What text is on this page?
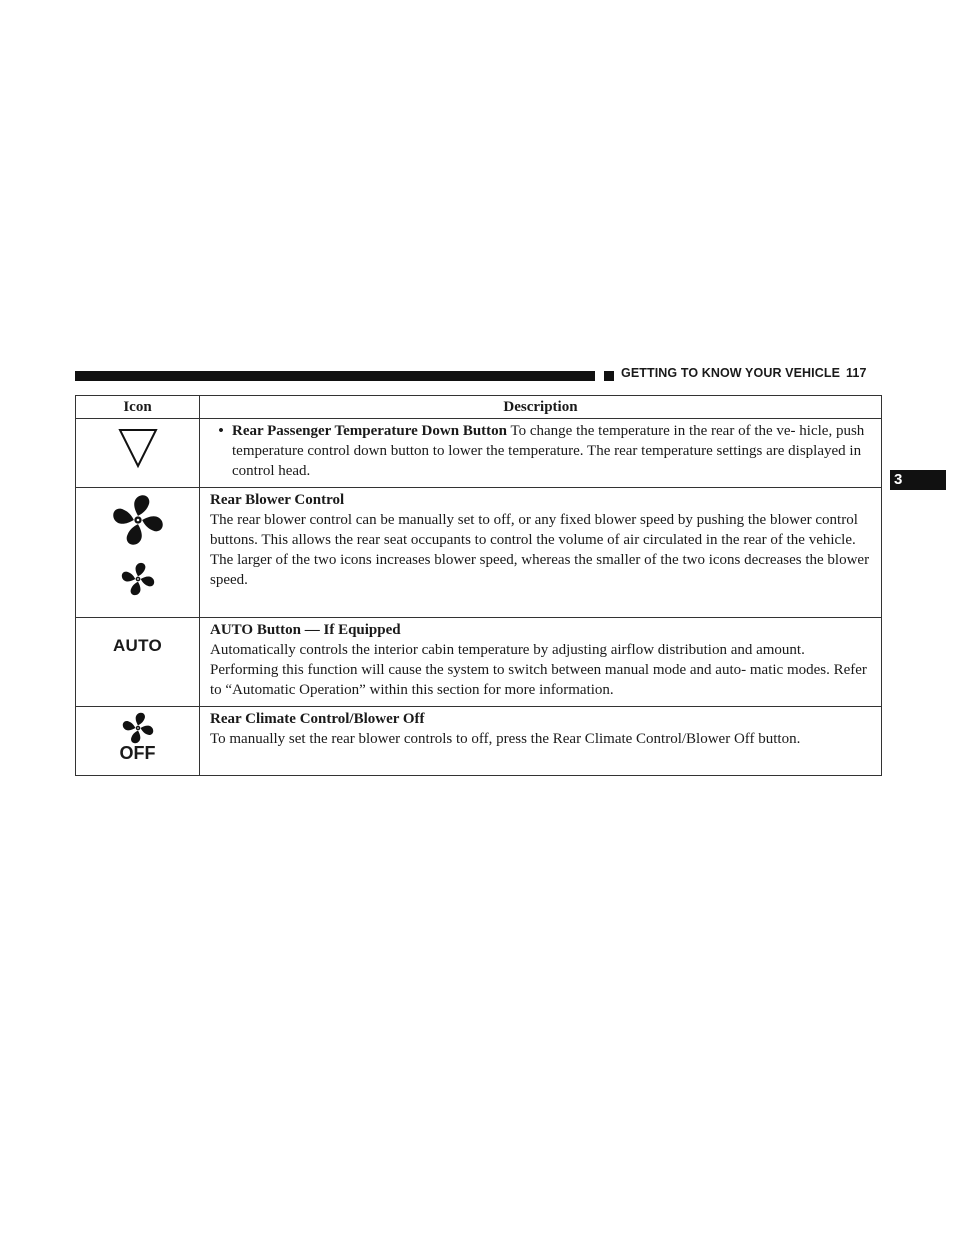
GETTING TO KNOW YOUR VEHICLE 117
3
Icon	Description

• Rear Passenger Temperature Down Button To change the temperature in the rear of the ve- hicle, push temperature control down button to lower the temperature. The rear temperature settings are displayed in control head.

Rear Blower Control
The rear blower control can be manually set to off, or any fixed blower speed by pushing the blower control buttons. This allows the rear seat occupants to control the volume of air circulated in the rear of the vehicle. The larger of the two icons increases blower speed, whereas the smaller of the two icons decreases the blower speed.

AUTO	AUTO Button — If Equipped
Automatically controls the interior cabin temperature by adjusting airflow distribution and amount. Performing this function will cause the system to switch between manual mode and auto- matic modes. Refer to “Automatic Operation” within this section for more information.

OFF	Rear Climate Control/Blower Off
To manually set the rear blower controls to off, press the Rear Climate Control/Blower Off button.
